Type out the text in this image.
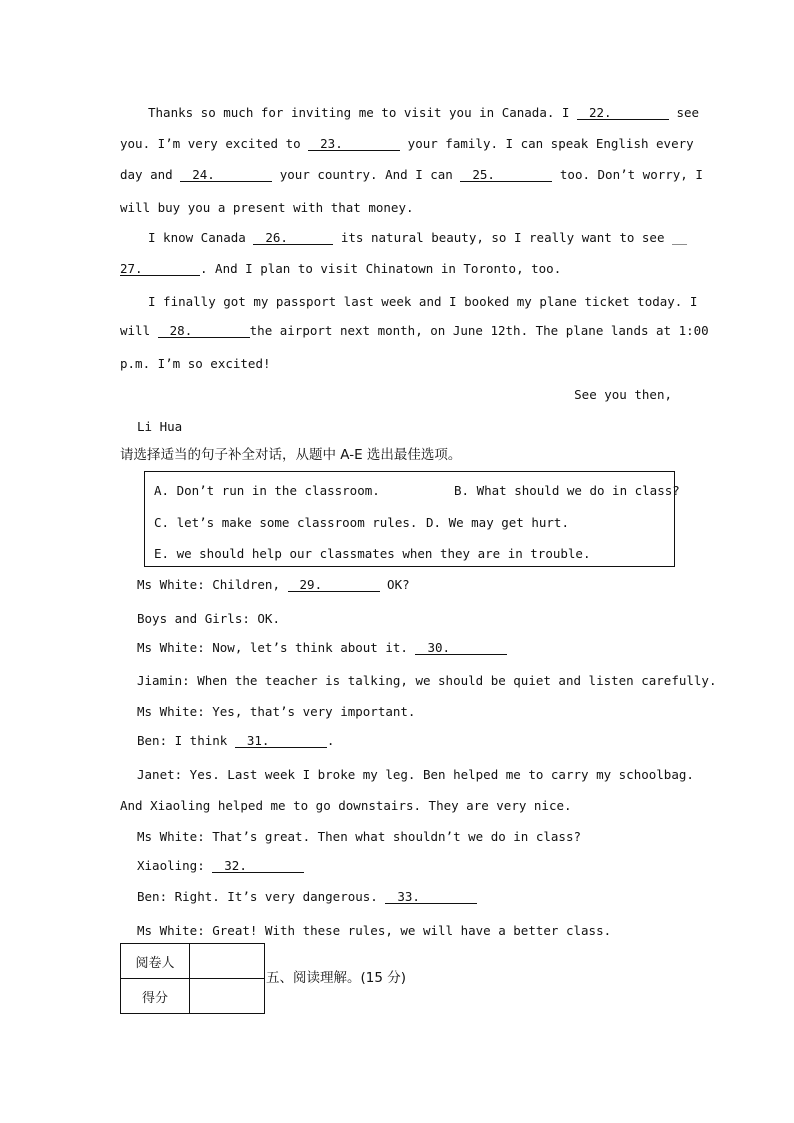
Thanks so much for inviting me to visit you in Canada. I 22.	see
you. I’m very excited to 23.	your family. I can speak English every
day and 24.	your country. And I can 25.	too. Don’t worry, I
will buy you a present with that money.
I know Canada 26.	its natural beauty, so I really want to see __
27.	. And I plan to visit Chinatown in Toronto, too.
I finally got my passport last week and I booked my plane ticket today. I
will 28.	the airport next month, on June 12th. The plane lands at 1:00
p.m. I’m so excited!
See you then,
Li Hua
请选择适当的句子补全对话，从题中 A-E 选出最佳选项。
A. Don’t run in the classroom.	B. What should we do in class?
C. let’s make some classroom rules. D. We may get hurt.
E. we should help our classmates when they are in trouble.
Ms White: Children, 29.	OK?
Boys and Girls: OK.
Ms White: Now, let’s think about it. 30.
Jiamin: When the teacher is talking, we should be quiet and listen carefully.
Ms White: Yes, that’s very important.
Ben: I think 31.	.
Janet: Yes. Last week I broke my leg. Ben helped me to carry my schoolbag.
And Xiaoling helped me to go downstairs. They are very nice.
Ms White: That’s great. Then what shouldn’t we do in class?
Xiaoling: 32.
Ben: Right. It’s very dangerous. 33.
Ms White: Great! With these rules, we will have a better class.
阅卷人	
得分	
五、阅读理解。(15 分)
